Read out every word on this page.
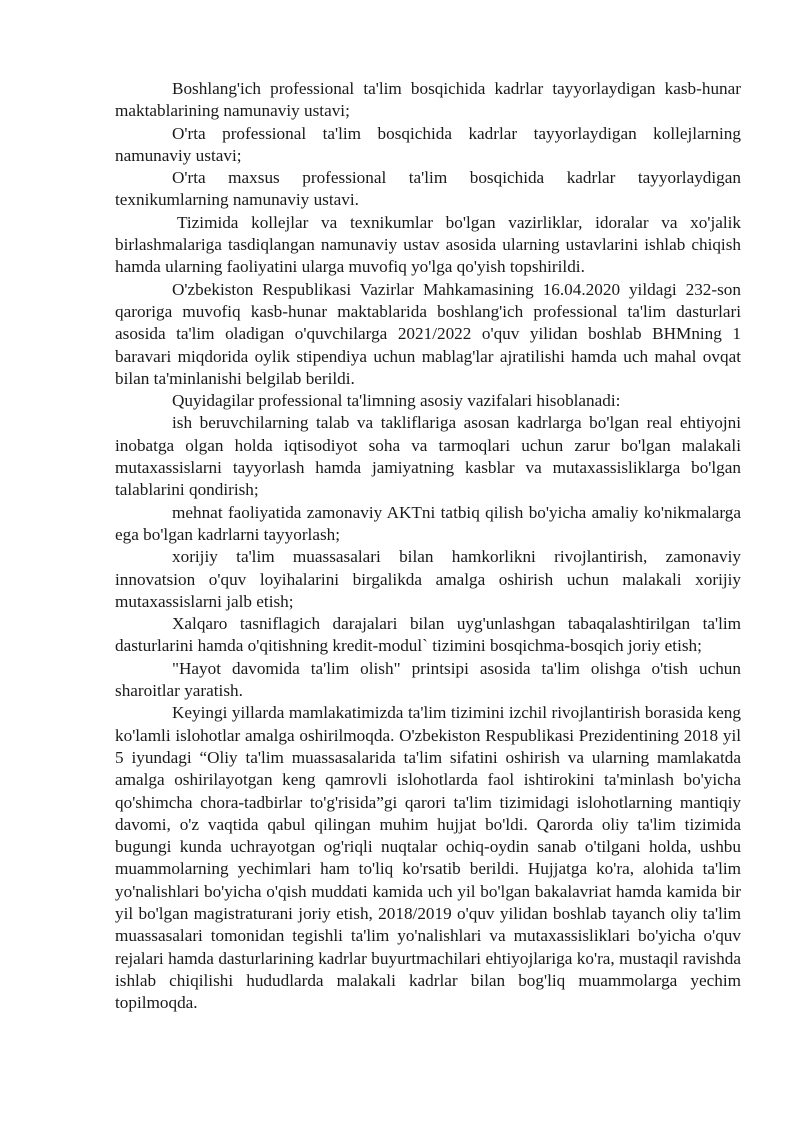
Boshlang'ich professional ta'lim bosqichida kadrlar tayyorlaydigan kasb-hunar maktablarining namunaviy ustavi;

O'rta professional ta'lim bosqichida kadrlar tayyorlaydigan kollejlarning namunaviy ustavi;

O'rta maxsus professional ta'lim bosqichida kadrlar tayyorlaydigan texnikumlarning namunaviy ustavi.

Tizimida kollejlar va texnikumlar bo'lgan vazirliklar, idoralar va xo'jalik birlashmalariga tasdiqlangan namunaviy ustav asosida ularning ustavlarini ishlab chiqish hamda ularning faoliyatini ularga muvofiq yo'lga qo'yish topshirildi.

O'zbekiston Respublikasi Vazirlar Mahkamasining 16.04.2020 yildagi 232-son qaroriga muvofiq kasb-hunar maktablarida boshlang'ich professional ta'lim dasturlari asosida ta'lim oladigan o'quvchilarga 2021/2022 o'quv yilidan boshlab BHMning 1 baravari miqdorida oylik stipendiya uchun mablag'lar ajratilishi hamda uch mahal ovqat bilan ta'minlanishi belgilab berildi.

Quyidagilar professional ta'limning asosiy vazifalari hisoblanadi:

ish beruvchilarning talab va takliflariga asosan kadrlarga bo'lgan real ehtiyojni inobatga olgan holda iqtisodiyot soha va tarmoqlari uchun zarur bo'lgan malakali mutaxassislarni tayyorlash hamda jamiyatning kasblar va mutaxassisliklarga bo'lgan talablarini qondirish;

mehnat faoliyatida zamonaviy AKTni tatbiq qilish bo'yicha amaliy ko'nikmalarga ega bo'lgan kadrlarni tayyorlash;

xorijiy ta'lim muassasalari bilan hamkorlikni rivojlantirish, zamonaviy innovatsion o'quv loyihalarini birgalikda amalga oshirish uchun malakali xorijiy mutaxassislarni jalb etish;

Xalqaro tasniflagich darajalari bilan uyg'unlashgan tabaqalashtirilgan ta'lim dasturlarini hamda o'qitishning kredit-modul` tizimini bosqichma-bosqich joriy etish;

"Hayot davomida ta'lim olish" printsipi asosida ta'lim olishga o'tish uchun sharoitlar yaratish.

Keyingi yillarda mamlakatimizda ta'lim tizimini izchil rivojlantirish borasida keng ko'lamli islohotlar amalga oshirilmoqda. O'zbekiston Respublikasi Prezidentining 2018 yil 5 iyundagi “Oliy ta'lim muassasalarida ta'lim sifatini oshirish va ularning mamlakatda amalga oshirilayotgan keng qamrovli islohotlarda faol ishtirokini ta'minlash bo'yicha qo'shimcha chora-tadbirlar to'g'risida”gi qarori ta'lim tizimidagi islohotlarning mantiqiy davomi, o'z vaqtida qabul qilingan muhim hujjat bo'ldi. Qarorda oliy ta'lim tizimida bugungi kunda uchrayotgan og'riqli nuqtalar ochiq-oydin sanab o'tilgani holda, ushbu muammolarning yechimlari ham to'liq ko'rsatib berildi. Hujjatga ko'ra, alohida ta'lim yo'nalishlari bo'yicha o'qish muddati kamida uch yil bo'lgan bakalavriat hamda kamida bir yil bo'lgan magistraturani joriy etish, 2018/2019 o'quv yilidan boshlab tayanch oliy ta'lim muassasalari tomonidan tegishli ta'lim yo'nalishlari va mutaxassisliklari bo'yicha o'quv rejalari hamda dasturlarining kadrlar buyurtmachilari ehtiyojlariga ko'ra, mustaqil ravishda ishlab chiqilishi hududlarda malakali kadrlar bilan bog'liq muammolarga yechim topilmoqda.
